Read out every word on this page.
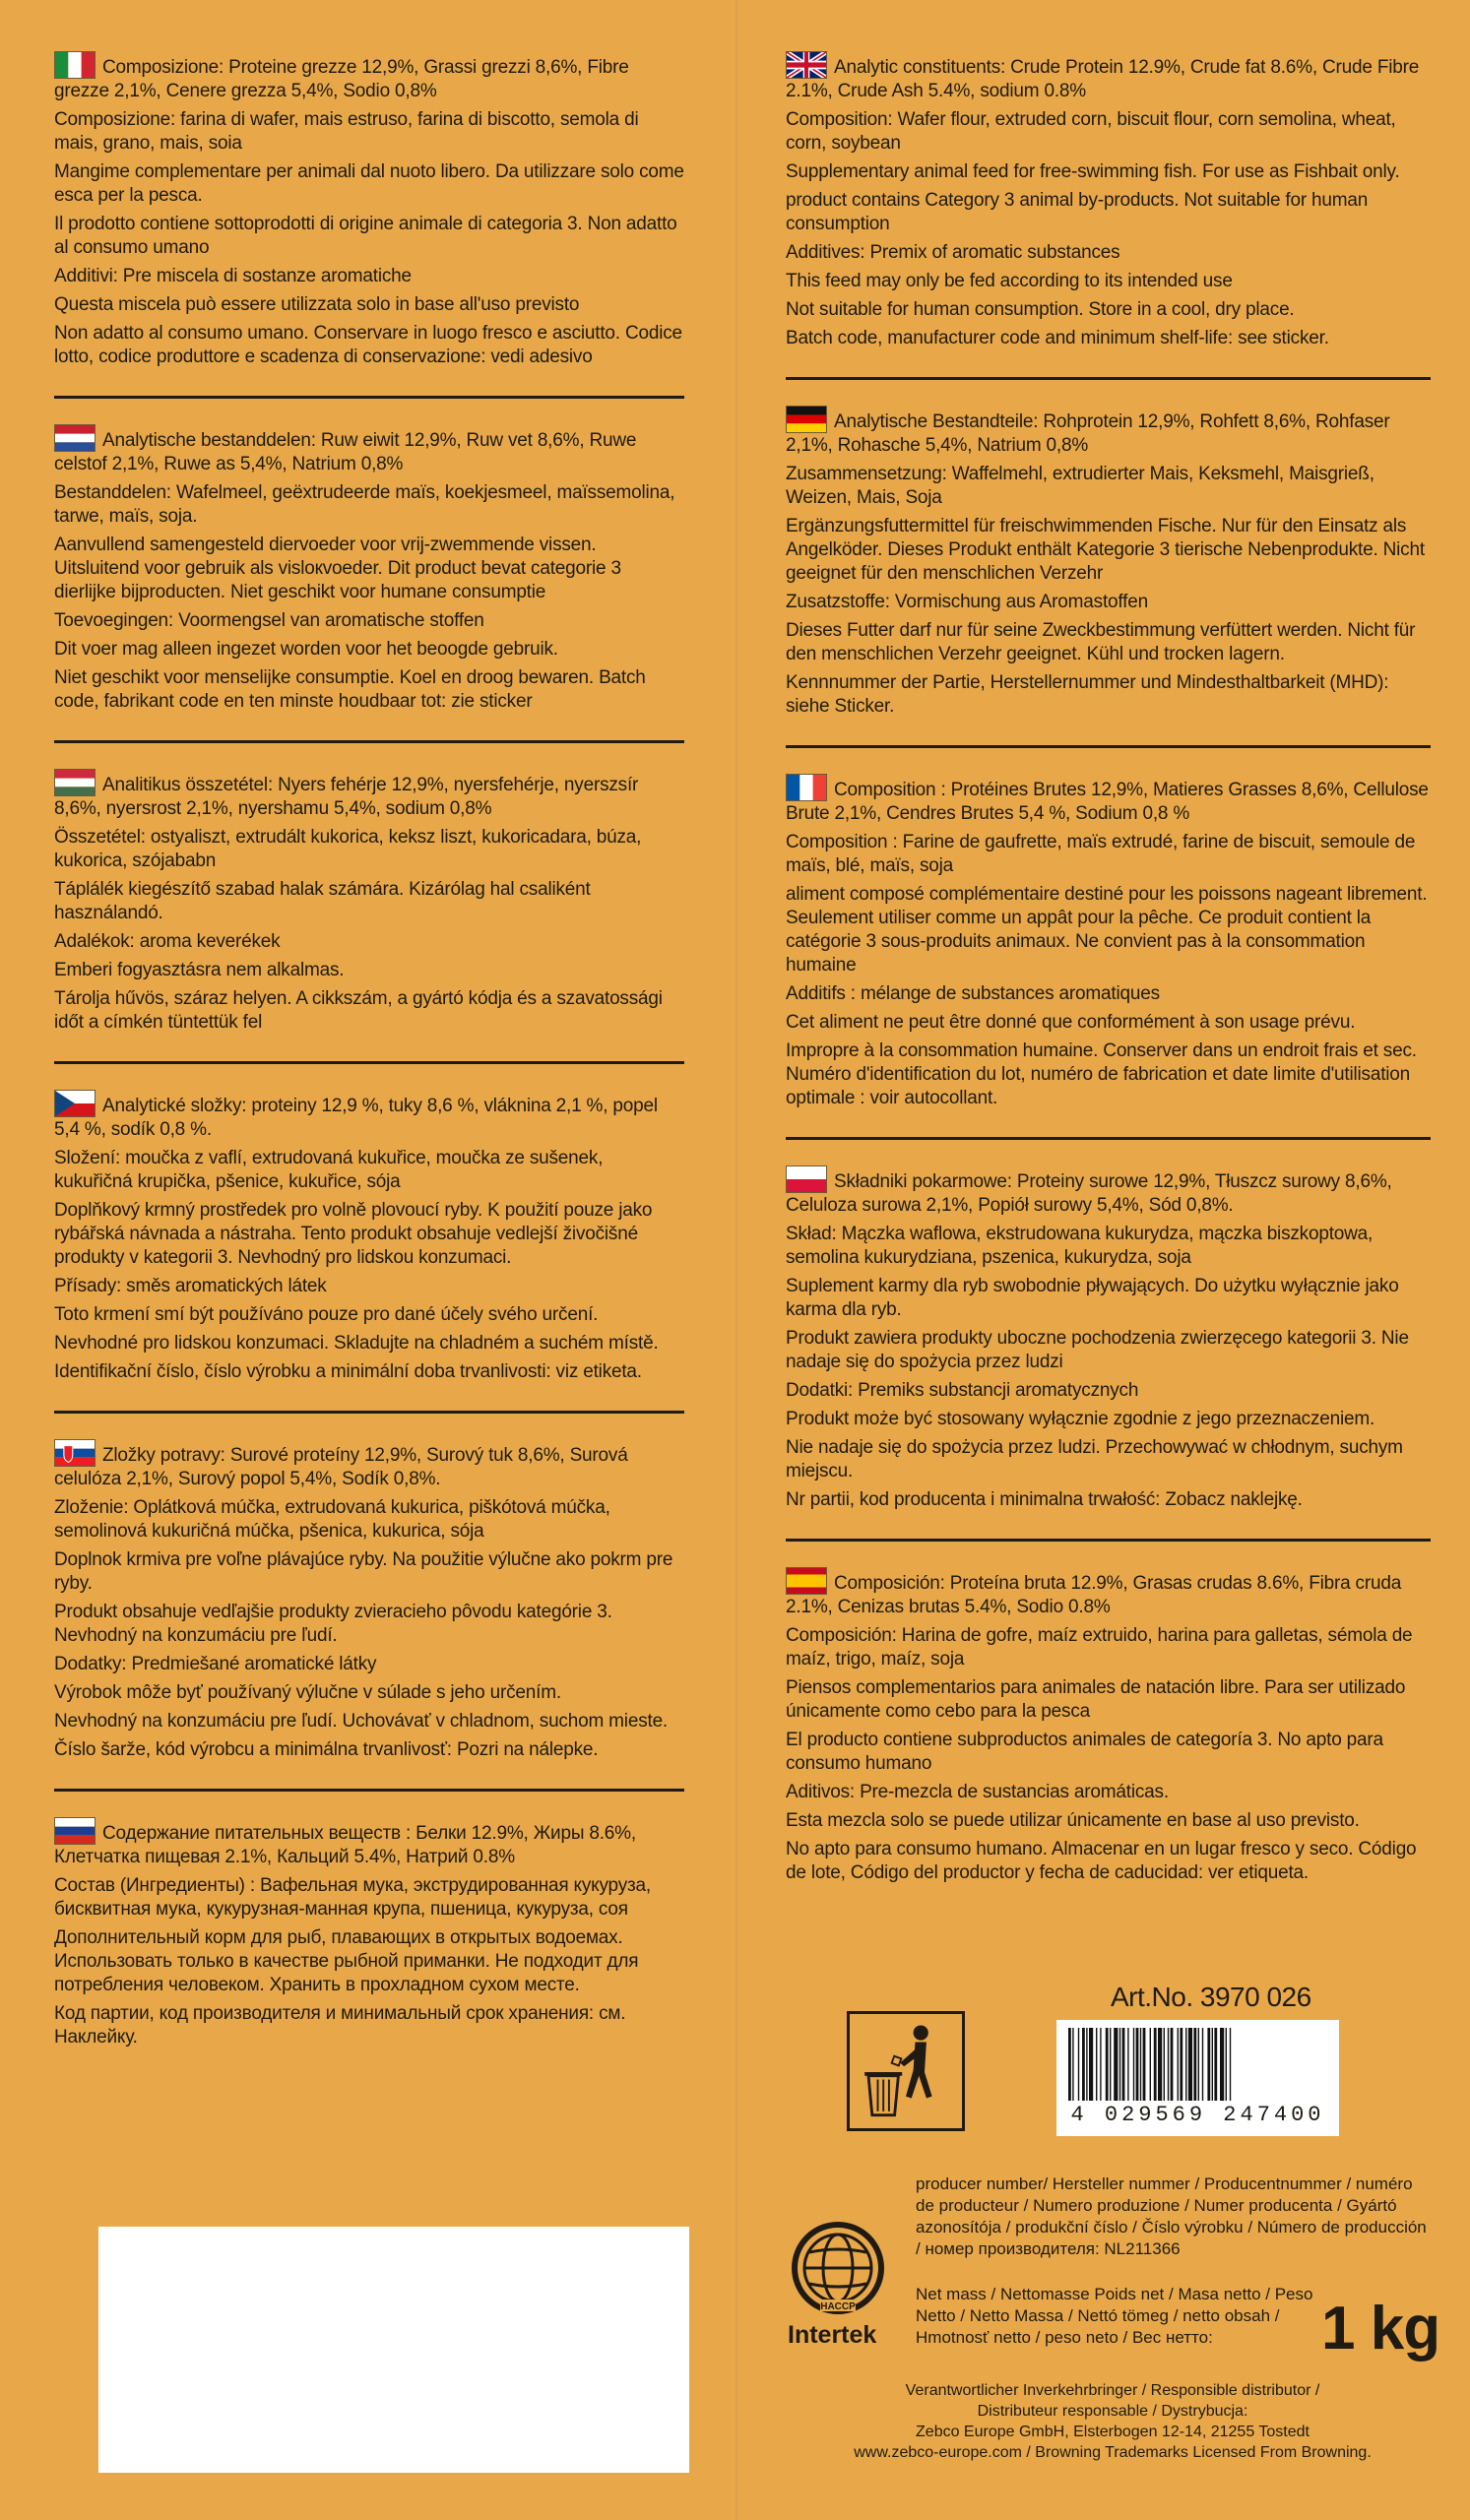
Composizione: Proteine grezze 12,9%, Grassi grezzi 8,6%, Fibre grezze 2,1%, Cenere grezza 5,4%, Sodio 0,8%

Composizione: farina di wafer, mais estruso, farina di biscotto, semola di mais, grano, mais, soia

Mangime complementare per animali dal nuoto libero. Da utilizzare solo come esca per la pesca.

Il prodotto contiene sottoprodotti di origine animale di categoria 3. Non adatto al consumo umano

Additivi: Pre miscela di sostanze aromatiche

Questa miscela può essere utilizzata solo in base all'uso previsto

Non adatto al consumo umano. Conservare in luogo fresco e asciutto. Codice lotto, codice produttore e scadenza di conservazione: vedi adesivo

Analytische bestanddelen: Ruw eiwit 12,9%, Ruw vet 8,6%, Ruwe celstof 2,1%, Ruwe as 5,4%, Natrium 0,8%

Bestanddelen: Wafelmeel, geëxtrudeerde maïs, koekjesmeel, maïssemolina, tarwe, maïs, soja.

Aanvullend samengesteld diervoeder voor vrij-zwemmende vissen. Uitsluitend voor gebruik als visloкvoeder. Dit product bevat categorie 3 dierlijke bijproducten. Niet geschikt voor humane consumptie

Toevoegingen: Voormengsel van aromatische stoffen

Dit voer mag alleen ingezet worden voor het beoogde gebruik.

Niet geschikt voor menselijke consumptie. Koel en droog bewaren. Batch code, fabrikant code en ten minste houdbaar tot: zie sticker

Analitikus összetétel: Nyers fehérje 12,9%, nyersfehérje, nyerszsír 8,6%, nyersrost 2,1%, nyershamu 5,4%, sodium 0,8%

Összetétel: ostyaliszt, extrudált kukorica, keksz liszt, kukoricadara, búza, kukorica, szójababn

Táplálék kiegészítő szabad halak számára. Kizárólag hal csaliként használandó.

Adalékok: aroma keverékek

Emberi fogyasztásra nem alkalmas.

Tárolja hűvös, száraz helyen. A cikkszám, a gyártó kódja és a szavatossági időt a címkén tüntettük fel

Analytické složky: proteiny 12,9 %, tuky 8,6 %, vláknina 2,1 %, popel 5,4 %, sodík 0,8 %.

Složení: moučka z vaflí, extrudovaná kukuřice, moučka ze sušenek, kukuřičná krupička, pšenice, kukuřice, sója

Doplňkový krmný prostředek pro volně plovoucí ryby. K použití pouze jako rybářská návnada a nástraha. Tento produkt obsahuje vedlejší živočišné produkty v kategorii 3. Nevhodný pro lidskou konzumaci.

Přísady: směs aromatických látek

Toto krmení smí být používáno pouze pro dané účely svého určení.

Nevhodné pro lidskou konzumaci. Skladujte na chladném a suchém místě.

Identifikační číslo, číslo výrobku a minimální doba trvanlivosti: viz etiketa.

Zložky potravy: Surové proteíny 12,9%, Surový tuk 8,6%, Surová celulóza 2,1%, Surový popol 5,4%, Sodík 0,8%.

Zloženie: Oplátková múčka, extrudovaná kukurica, piškótová múčka, semolinová kukuričná múčka, pšenica, kukurica, sója

Doplnok krmiva pre voľne plávajúce ryby. Na použitie výlučne ako pokrm pre ryby.

Produkt obsahuje vedľajšie produkty zvieracieho pôvodu kategórie 3. Nevhodný na konzumáciu pre ľudí.

Dodatky: Predmiešané aromatické látky

Výrobok môže byť používaný výlučne v súlade s jeho určením.

Nevhodný na konzumáciu pre ľudí. Uchovávať v chladnom, suchom mieste.

Číslo šarže, kód výrobcu a minimálna trvanlivosť: Pozri na nálepke.

Содержание питательных веществ : Белки 12.9%, Жиры 8.6%, Клетчатка пищевая 2.1%, Кальций 5.4%, Натрий 0.8%

Состав (Ингредиенты) : Вафельная мука, экструдированная кукуруза, бисквитная мука, кукурузная-манная крупа, пшеница, кукуруза, соя

Дополнительный корм для рыб, плавающих в открытых водоемах. Использовать только в качестве рыбной приманки. Не подходит для потребления человеком. Хранить в прохладном сухом месте.

Код партии, код производителя и минимальный срок хранения: см. Наклейку.

Analytic constituents: Crude Protein 12.9%, Crude fat 8.6%, Crude Fibre 2.1%, Crude Ash 5.4%, sodium 0.8%

Composition: Wafer flour, extruded corn, biscuit flour, corn semolina, wheat, corn, soybean

Supplementary animal feed for free-swimming fish. For use as Fishbait only.

product contains Category 3 animal by-products. Not suitable for human consumption

Additives: Premix of aromatic substances

This feed may only be fed according to its intended use

Not suitable for human consumption. Store in a cool, dry place.

Batch code, manufacturer code and minimum shelf-life: see sticker.

Analytische Bestandteile: Rohprotein 12,9%, Rohfett 8,6%, Rohfaser 2,1%, Rohasche 5,4%, Natrium 0,8%

Zusammensetzung: Waffelmehl, extrudierter Mais, Keksmehl, Maisgrieß, Weizen, Mais, Soja

Ergänzungsfuttermittel für freischwimmenden Fische. Nur für den Einsatz als Angelköder. Dieses Produkt enthält Kategorie 3 tierische Nebenprodukte. Nicht geeignet für den menschlichen Verzehr

Zusatzstoffe: Vormischung aus Aromastoffen

Dieses Futter darf nur für seine Zweckbestimmung verfüttert werden. Nicht für den menschlichen Verzehr geeignet. Kühl und trocken lagern.

Kennnummer der Partie, Herstellernummer und Mindesthaltbarkeit (MHD): siehe Sticker.

Composition : Protéines Brutes 12,9%, Matieres Grasses 8,6%, Cellulose Brute 2,1%, Cendres Brutes 5,4 %, Sodium 0,8 %

Composition : Farine de gaufrette, maïs extrudé, farine de biscuit, semoule de maïs, blé, maïs, soja

aliment composé complémentaire destiné pour les poissons nageant librement. Seulement utiliser comme un appât pour la pêche. Ce produit contient la catégorie 3 sous-produits animaux. Ne convient pas à la consommation humaine

Additifs : mélange de substances aromatiques

Cet aliment ne peut être donné que conformément à son usage prévu.

Impropre à la consommation humaine. Conserver dans un endroit frais et sec. Numéro d'identification du lot, numéro de fabrication et date limite d'utilisation optimale : voir autocollant.

Składniki pokarmowe: Proteiny surowe 12,9%, Tłuszcz surowy 8,6%, Celuloza surowa 2,1%, Popiół surowy 5,4%, Sód 0,8%.

Skład: Mączka waflowa, ekstrudowana kukurydza, mączka biszkoptowa, semolina kukurydziana, pszenica, kukurydza, soja

Suplement karmy dla ryb swobodnie pływających. Do użytku wyłącznie jako karma dla ryb.

Produkt zawiera produkty uboczne pochodzenia zwierzęcego kategorii 3. Nie nadaje się do spożycia przez ludzi

Dodatki: Premiks substancji aromatycznych

Produkt może być stosowany wyłącznie zgodnie z jego przeznaczeniem.

Nie nadaje się do spożycia przez ludzi. Przechowywać w chłodnym, suchym miejscu.

Nr partii, kod producenta i minimalna trwałość: Zobacz naklejkę.

Composición: Proteína bruta 12.9%, Grasas crudas 8.6%, Fibra cruda 2.1%, Cenizas brutas 5.4%, Sodio 0.8%

Composición: Harina de gofre, maíz extruido, harina para galletas, sémola de maíz, trigo, maíz, soja

Piensos complementarios para animales de natación libre. Para ser utilizado únicamente como cebo para la pesca

El producto contiene subproductos animales de categoría 3. No apto para consumo humano

Aditivos: Pre-mezcla de sustancias aromáticas.

Esta mezcla solo se puede utilizar únicamente en base al uso previsto.

No apto para consumo humano. Almacenar en un lugar fresco y seco. Código de lote, Código del productor y fecha de caducidad: ver etiqueta.

Art.No. 3970 026
4 029569 247400
HACCP
Intertek
producer number/ Hersteller nummer / Producentnummer / numéro de producteur / Numero produzione / Numer producenta / Gyártó azonosítója / produkční číslo / Číslo výrobku / Número de producción / номер производителя: NL211366
Net mass / Nettomasse Poids net / Masa netto / Peso Netto / Netto Massa / Nettó tömeg / netto obsah / Hmotnosť netto / peso neto / Вес нетто:	1 kg
Verantwortlicher Inverkehrbringer / Responsible distributor /
Distributeur responsable / Dystrybucja:
Zebco Europe GmbH, Elsterbogen 12-14, 21255 Tostedt
www.zebco-europe.com / Browning Trademarks Licensed From Browning.
